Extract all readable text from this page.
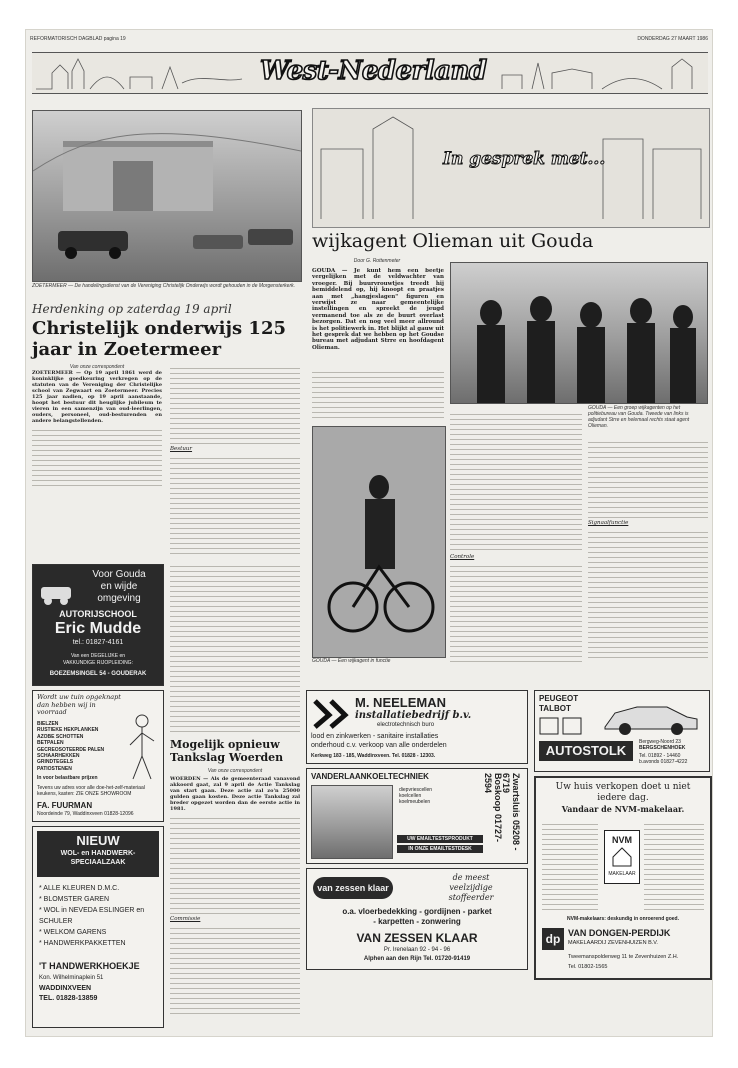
REFORMATORISCH DAGBLAD pagina 19	DONDERDAG 27 MAART 1986
West-Nederland
ZOETERMEER — De handelingsdienst van de Vereniging Christelijk Onderwijs wordt gehouden in de Morgensterkerk.
Herdenking op zaterdag 19 april
Christelijk onderwijs 125 jaar in Zoetermeer
Van onze correspondent

ZOETERMEER — Op 19 april 1861 werd de koninklijke goedkeuring verkregen op de statuten van de Vereniging der Christelijke school van Zegwaart en Zoetermeer. Precies 125 jaar nadien, op 19 april aanstaande, hoopt het bestuur dit heuglijke jubileum te vieren in een samenzijn van oud-leerlingen, ouders, personeel, oud-besturenden en andere belangstellenden.

Bestuur
In gesprek met...
wijkagent Olieman uit Gouda
Door G. Rottenmeter
GOUDA — Je kunt hem een beetje vergelijken met de veldwachter van vroeger. Bij buurvrouwtjes treedt hij bemiddelend op, hij knoopt en praatjes aan met „hangjeslagen" figuren en verwijst ze naar gemeentelijke instellingen en spreekt de jeugd vermanend toe als ze de buurt overlast bezorgen. Dat en nog veel meer allround is het politiewerk in. Het blijkt al gauw uit het gesprek dat we hebben op het Goudse bureau met adjudant Strre en hoofdagent Olieman.
GOUDA — Een groep wijkagenten op het politiebureau van Gouda. Tweede van links is adjudant Strre en helemaal rechts staat agent Olieman.
GOUDA — Een wijkagent in functie
Controle
Signaalfunctie
Mogelijk opnieuw Tankslag Woerden
Van onze correspondent

WOERDEN — Als de gemeenteraad vanavond akkoord gaat, zal 9 april de Actie Tankslag van start gaan. Deze actie zal zo'n 25000 gulden gaan kosten. Deze actie Tankslag zal breder opgezet worden dan de eerste actie in 1981.

Commissie
Voor Gouda
en wijde
omgeving
AUTORIJSCHOOL
Eric Mudde
tel.: 01827-4161
Van een DEGELIJKE en
VAKKUNDIGE RIJOPLEIDING:
BOEZEMSINGEL 54 - GOUDERAK
Wordt uw tuin opgeknapt dan hebben wij in voorraad
BIELZEN
RUSTIEKE HEKPLANKEN
AZOBE SCHOTTEN
BETPALEN
GECREOSOTEERDE PALEN
SCHAARHEKKEN
GRINDTEGELS
PATIOSTENEN
In voor belastbare prijzen
Tevens uw adres voor alle doe-het-zelf-materiaal
keukens, kasten: ZIE ONZE SHOWROOM
FA. FUURMAN
Noordeinde 79, Waddinxveen 01828-12096
NIEUW
WOL- en HANDWERK-
SPECIAALZAAK
* ALLE KLEUREN D.M.C.
* BLOMSTER GAREN
* WOL in NEVEDA ESLINGER en SCHULER
* WELKOM GARENS
* HANDWERKPAKKETTEN
'T HANDWERKHOEKJE
Kon. Wilhelminaplein 51
WADDINXVEEN
TEL. 01828-13859
M. NEELEMAN
installatiebedrijf b.v.
electrotechnisch buro
lood en zinkwerken - sanitaire installaties
onderhoud c.v. verkoop van alle onderdelen
Kerkweg 183 - 185, Waddinxveen. Tel. 01828 - 12303.
PEUGEOT
TALBOT
AUTOSTOLK
Bergweg-Noord 23
BERGSCHENHOEK
Tel. 01892 - 14460
b.avonds 01827-4222
VANDERLAANKOELTECHNIEK
diepvriescellen
koelcellen
koelmeubelen
UW EMAILTESTSPRODUKT
IN ONZE EMAILTESTDESK
Boskoop 01727-2594	Zwartsluis 05208 - 6719
van zessen klaar
de meest
veelzijdige
stoffeerder
o.a. vloerbedekking - gordijnen - parket
- karpetten - zonwering
VAN ZESSEN KLAAR
Pr. Irenelaan 92 - 94 - 96
Alphen aan den Rijn Tel. 01720-91419
Uw huis verkopen doet u niet iedere dag.
Vandaar de NVM-makelaar.
NVM
MAKELAAR
NVM-makelaars: deskundig in onroerend goed.
dp VAN DONGEN-PERDIJK
MAKELAARDIJ ZEVENHUIZEN B.V.
Tweemanspolderweg 11 te Zevenhuizen Z.H.
Tel. 01802-1565
